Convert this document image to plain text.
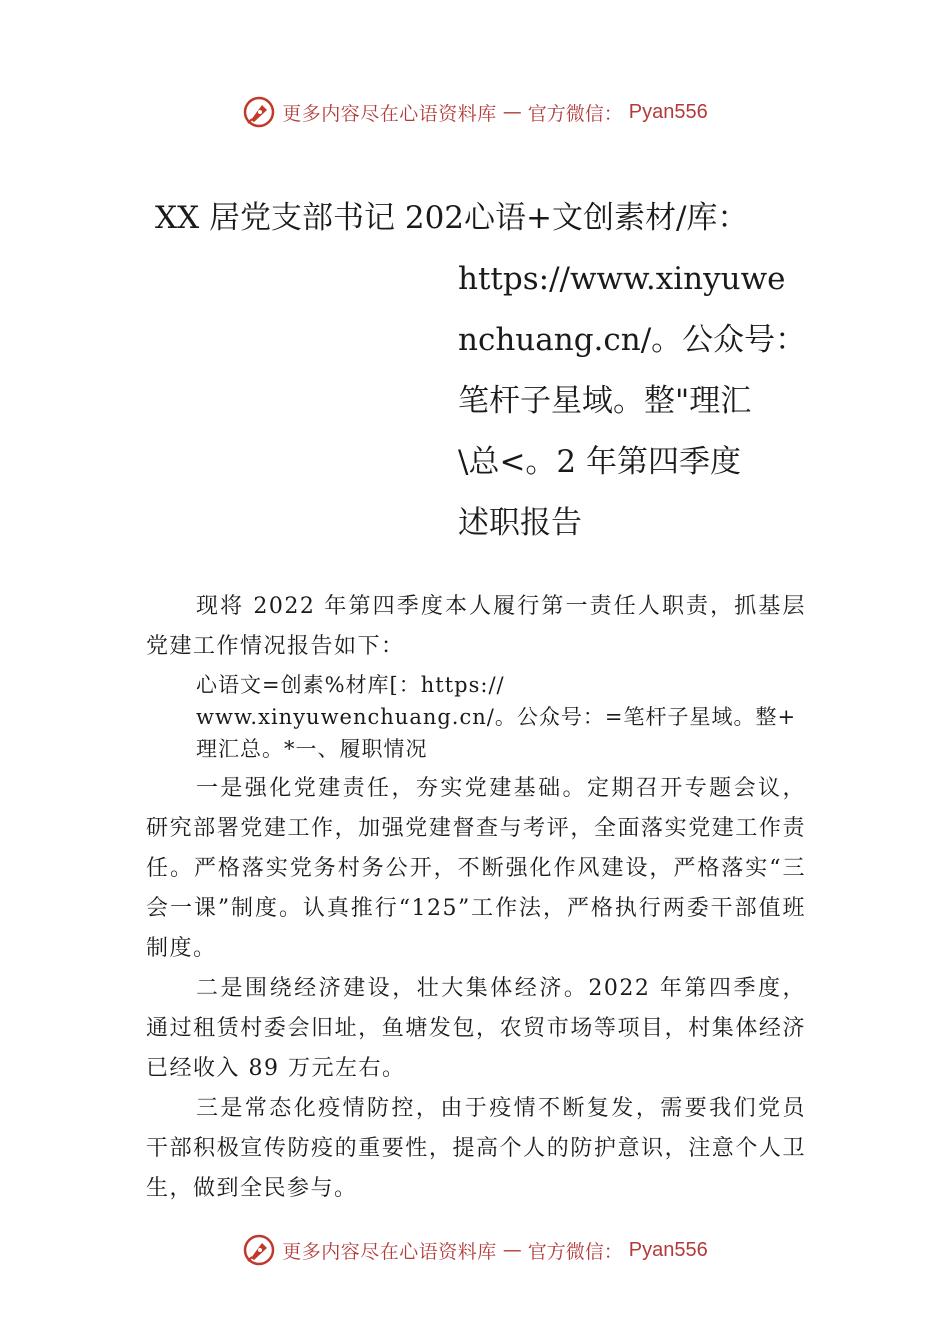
更多内容尽在心语资料库 — 官方微信： Pyan556
XX 居党支部书记 202心语+文创素材/库：
https://www.xinyuwe
nchuang.cn/。公众号：
笔杆子星域。整"理汇
\总<。2 年第四季度
述职报告

现将 2022 年第四季度本人履行第一责任人职责，抓基层党建工作情况报告如下：

心语文=创素%材库[：https://
www.xinyuwenchuang.cn/。公众号：=笔杆子星域。整+
理汇总。*一、履职情况

一是强化党建责任，夯实党建基础。定期召开专题会议，研究部署党建工作，加强党建督查与考评，全面落实党建工作责任。严格落实党务村务公开，不断强化作风建设，严格落实“三会一课”制度。认真推行“125”工作法，严格执行两委干部值班制度。

二是围绕经济建设，壮大集体经济。2022 年第四季度，通过租赁村委会旧址，鱼塘发包，农贸市场等项目，村集体经济已经收入 89 万元左右。

三是常态化疫情防控，由于疫情不断复发，需要我们党员干部积极宣传防疫的重要性，提高个人的防护意识，注意个人卫生，做到全民参与。

更多内容尽在心语资料库 — 官方微信： Pyan556
